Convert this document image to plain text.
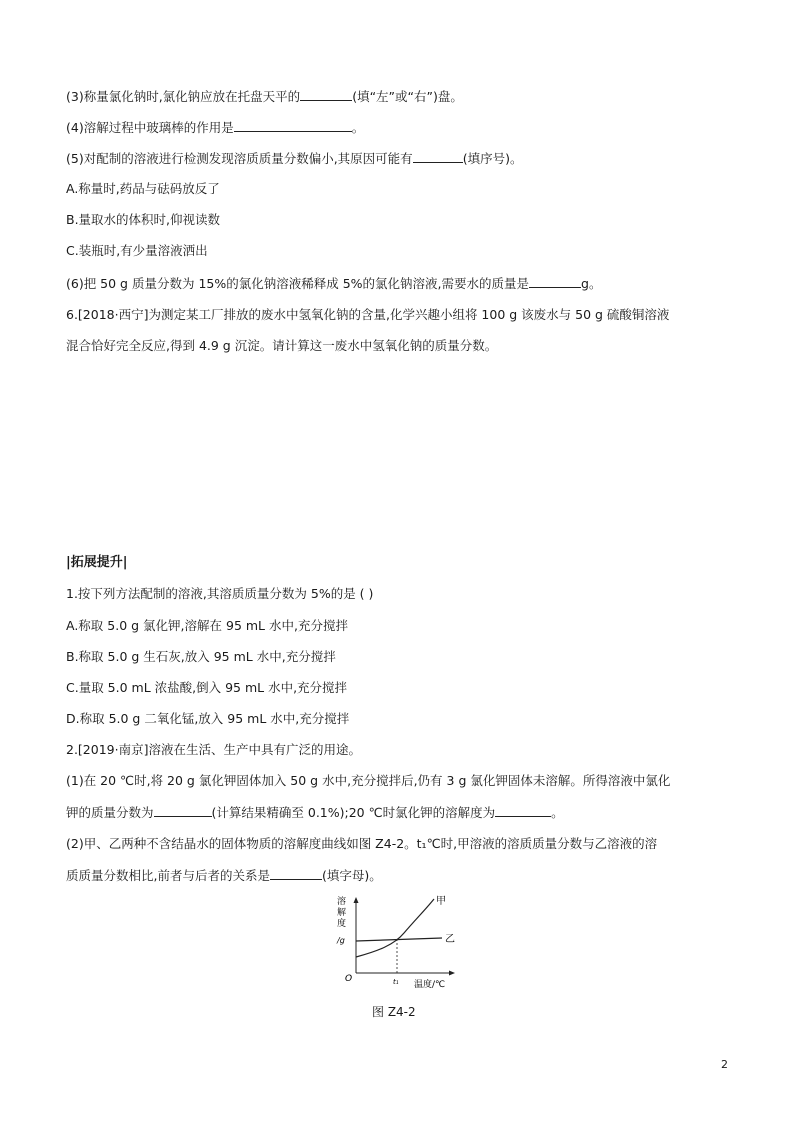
(3)称量氯化钠时,氯化钠应放在托盘天平的	(填“左”或“右”)盘。
(4)溶解过程中玻璃棒的作用是	。
(5)对配制的溶液进行检测发现溶质质量分数偏小,其原因可能有	(填序号)。
A.称量时,药品与砝码放反了
B.量取水的体积时,仰视读数
C.装瓶时,有少量溶液洒出
(6)把 50 g 质量分数为 15%的氯化钠溶液稀释成 5%的氯化钠溶液,需要水的质量是	g。
6.[2018·西宁]为测定某工厂排放的废水中氢氧化钠的含量,化学兴趣小组将 100 g 该废水与 50 g 硫酸铜溶液
混合恰好完全反应,得到 4.9 g 沉淀。请计算这一废水中氢氧化钠的质量分数。
|拓展提升|
1.按下列方法配制的溶液,其溶质质量分数为 5%的是 ( )
A.称取 5.0 g 氯化钾,溶解在 95 mL 水中,充分搅拌
B.称取 5.0 g 生石灰,放入 95 mL 水中,充分搅拌
C.量取 5.0 mL 浓盐酸,倒入 95 mL 水中,充分搅拌
D.称取 5.0 g 二氧化锰,放入 95 mL 水中,充分搅拌
2.[2019·南京]溶液在生活、生产中具有广泛的用途。
(1)在 20 ℃时,将 20 g 氯化钾固体加入 50 g 水中,充分搅拌后,仍有 3 g 氯化钾固体未溶解。所得溶液中氯化
钾的质量分数为	(计算结果精确至 0.1%);20 ℃时氯化钾的溶解度为	。
(2)甲、乙两种不含结晶水的固体物质的溶解度曲线如图 Z4-2。t₁℃时,甲溶液的溶质质量分数与乙溶液的溶
质质量分数相比,前者与后者的关系是	(填字母)。
溶
解
度
/g
O	t₁ 温度/℃
甲
乙
图 Z4-2
2
